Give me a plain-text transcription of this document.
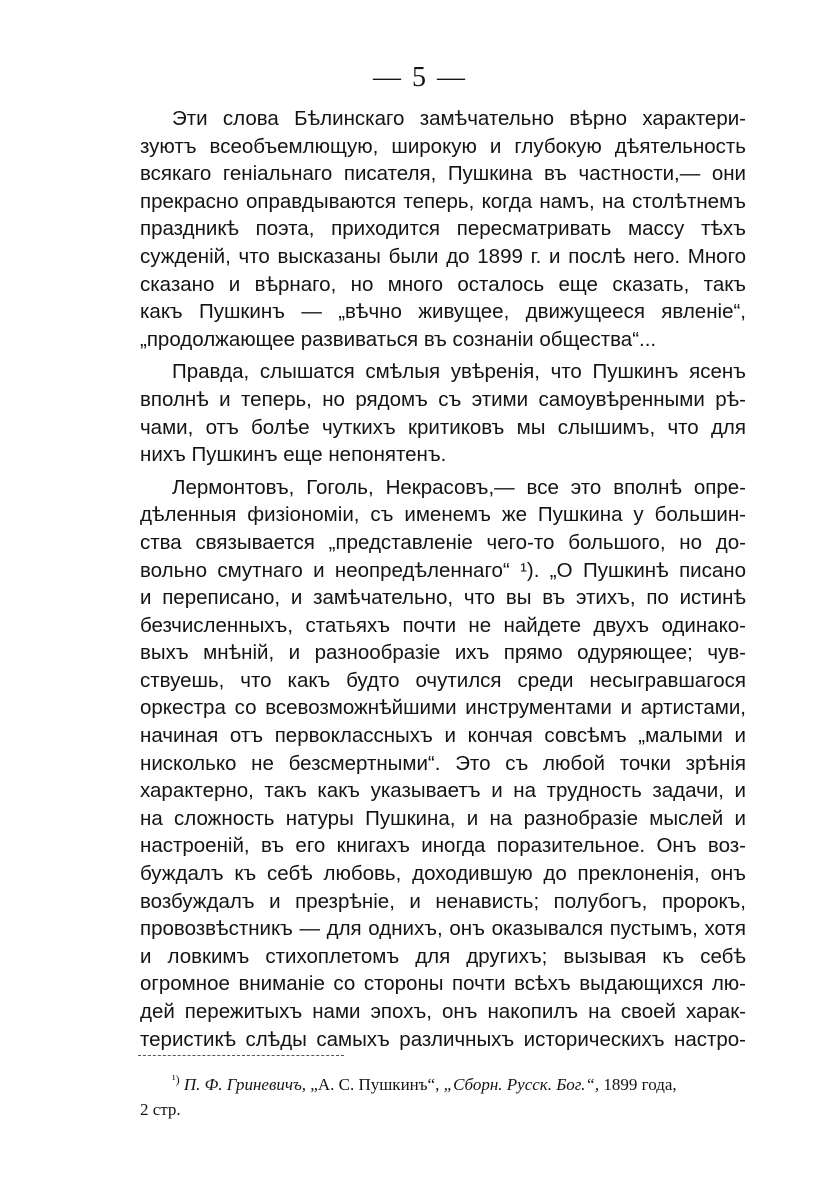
— 5 —
Эти слова Бѣлинскаго замѣчательно вѣрно характери-
зуютъ всеобъемлющую, широкую и глубокую дѣятельность
всякаго геніальнаго писателя, Пушкина въ частности,— они
прекрасно оправдываются теперь, когда намъ, на столѣтнемъ
праздникѣ поэта, приходится пересматривать массу тѣхъ
сужденій, что высказаны были до 1899 г. и послѣ него. Много
сказано и вѣрнаго, но много осталось еще сказать, такъ
какъ Пушкинъ — „вѣчно живущее, движущееся явленіе“,
„продолжающее развиваться въ сознаніи общества“...
Правда, слышатся смѣлыя увѣренія, что Пушкинъ ясенъ
вполнѣ и теперь, но рядомъ съ этими самоувѣренными рѣ-
чами, отъ болѣе чуткихъ критиковъ мы слышимъ, что для
нихъ Пушкинъ еще непонятенъ.
Лермонтовъ, Гоголь, Некрасовъ,— все это вполнѣ опре-
дѣленныя физіономіи, съ именемъ же Пушкина у большин-
ства связывается „представленіе чего-то большого, но до-
вольно смутнаго и неопредѣленнаго“ ¹). „О Пушкинѣ писано
и переписано, и замѣчательно, что вы въ этихъ, по истинѣ
безчисленныхъ, статьяхъ почти не найдете двухъ одинако-
выхъ мнѣній, и разнообразіе ихъ прямо одуряющее; чув-
ствуешь, что какъ будто очутился среди несыгравшагося
оркестра со всевозможнѣйшими инструментами и артистами,
начиная отъ первоклассныхъ и кончая совсѣмъ „малыми и
нисколько не безсмертными“. Это съ любой точки зрѣнія
характерно, такъ какъ указываетъ и на трудность задачи, и
на сложность натуры Пушкина, и на разнобразіе мыслей и
настроеній, въ его книгахъ иногда поразительное. Онъ воз-
буждалъ къ себѣ любовь, доходившую до преклоненія, онъ
возбуждалъ и презрѣніе, и ненависть; полубогъ, пророкъ,
провозвѣстникъ — для однихъ, онъ оказывался пустымъ, хотя
и ловкимъ стихоплетомъ для другихъ; вызывая къ себѣ
огромное вниманіе со стороны почти всѣхъ выдающихся лю-
дей пережитыхъ нами эпохъ, онъ накопилъ на своей харак-
теристикѣ слѣды самыхъ различныхъ историческихъ настро-
$^{^1)}$ П. Ф. Гриневичъ, „А. С. Пушкинъ“, „Сборн. Русск. Бог.“, 1899 года,
2 стр.
